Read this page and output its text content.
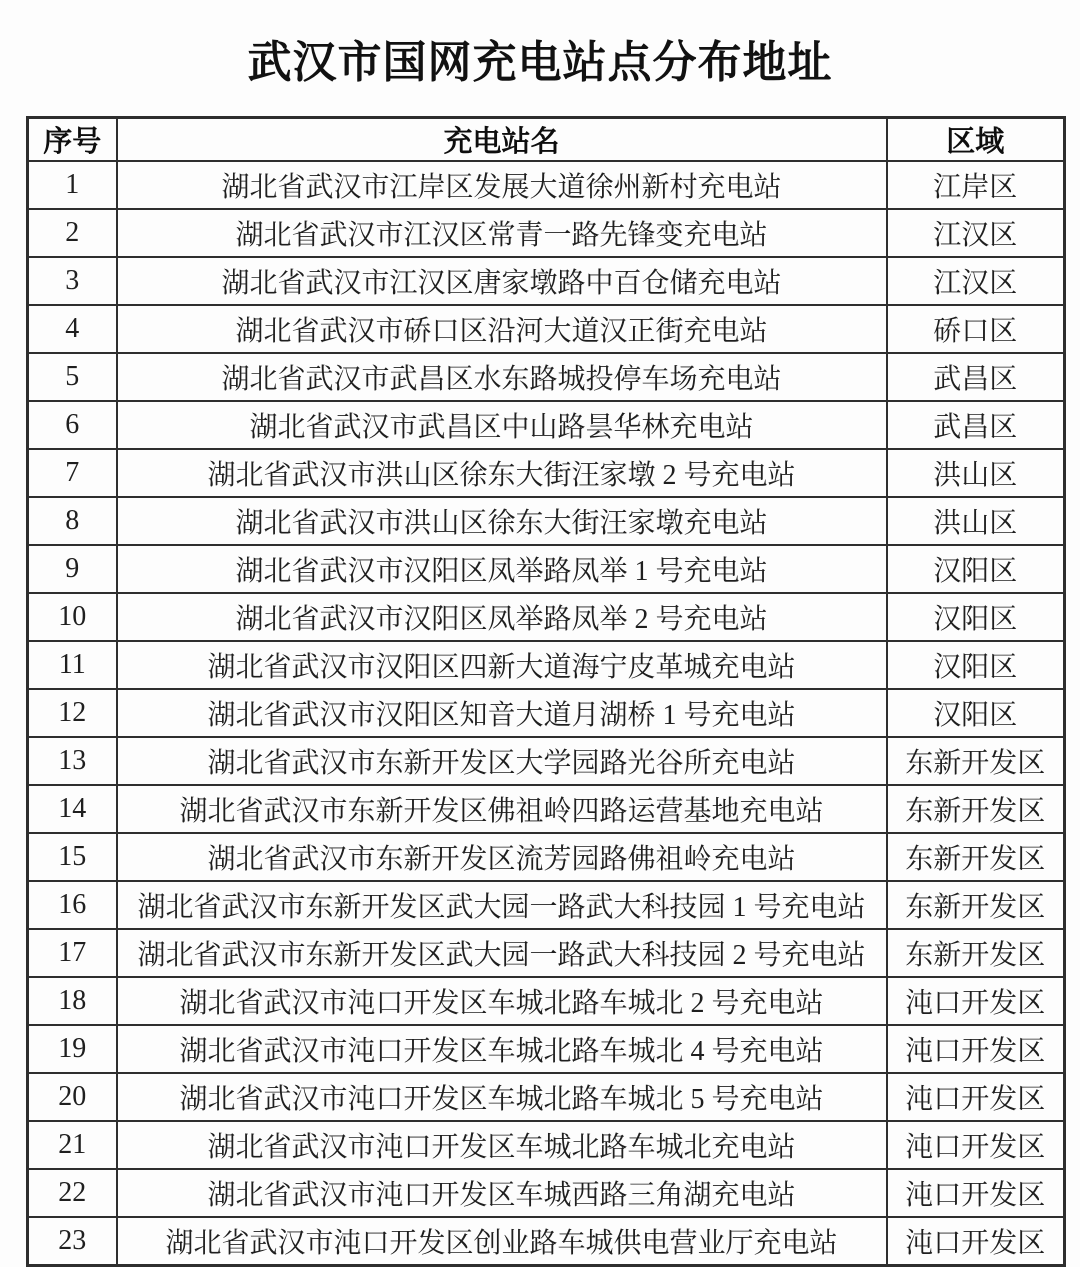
武汉市国网充电站点分布地址
序号	充电站名	区域
1	湖北省武汉市江岸区发展大道徐州新村充电站	江岸区
2	湖北省武汉市江汉区常青一路先锋变充电站	江汉区
3	湖北省武汉市江汉区唐家墩路中百仓储充电站	江汉区
4	湖北省武汉市硚口区沿河大道汉正街充电站	硚口区
5	湖北省武汉市武昌区水东路城投停车场充电站	武昌区
6	湖北省武汉市武昌区中山路昙华林充电站	武昌区
7	湖北省武汉市洪山区徐东大街汪家墩 2 号充电站	洪山区
8	湖北省武汉市洪山区徐东大街汪家墩充电站	洪山区
9	湖北省武汉市汉阳区凤举路凤举 1 号充电站	汉阳区
10	湖北省武汉市汉阳区凤举路凤举 2 号充电站	汉阳区
11	湖北省武汉市汉阳区四新大道海宁皮革城充电站	汉阳区
12	湖北省武汉市汉阳区知音大道月湖桥 1 号充电站	汉阳区
13	湖北省武汉市东新开发区大学园路光谷所充电站	东新开发区
14	湖北省武汉市东新开发区佛祖岭四路运营基地充电站	东新开发区
15	湖北省武汉市东新开发区流芳园路佛祖岭充电站	东新开发区
16	湖北省武汉市东新开发区武大园一路武大科技园 1 号充电站	东新开发区
17	湖北省武汉市东新开发区武大园一路武大科技园 2 号充电站	东新开发区
18	湖北省武汉市沌口开发区车城北路车城北 2 号充电站	沌口开发区
19	湖北省武汉市沌口开发区车城北路车城北 4 号充电站	沌口开发区
20	湖北省武汉市沌口开发区车城北路车城北 5 号充电站	沌口开发区
21	湖北省武汉市沌口开发区车城北路车城北充电站	沌口开发区
22	湖北省武汉市沌口开发区车城西路三角湖充电站	沌口开发区
23	湖北省武汉市沌口开发区创业路车城供电营业厅充电站	沌口开发区
